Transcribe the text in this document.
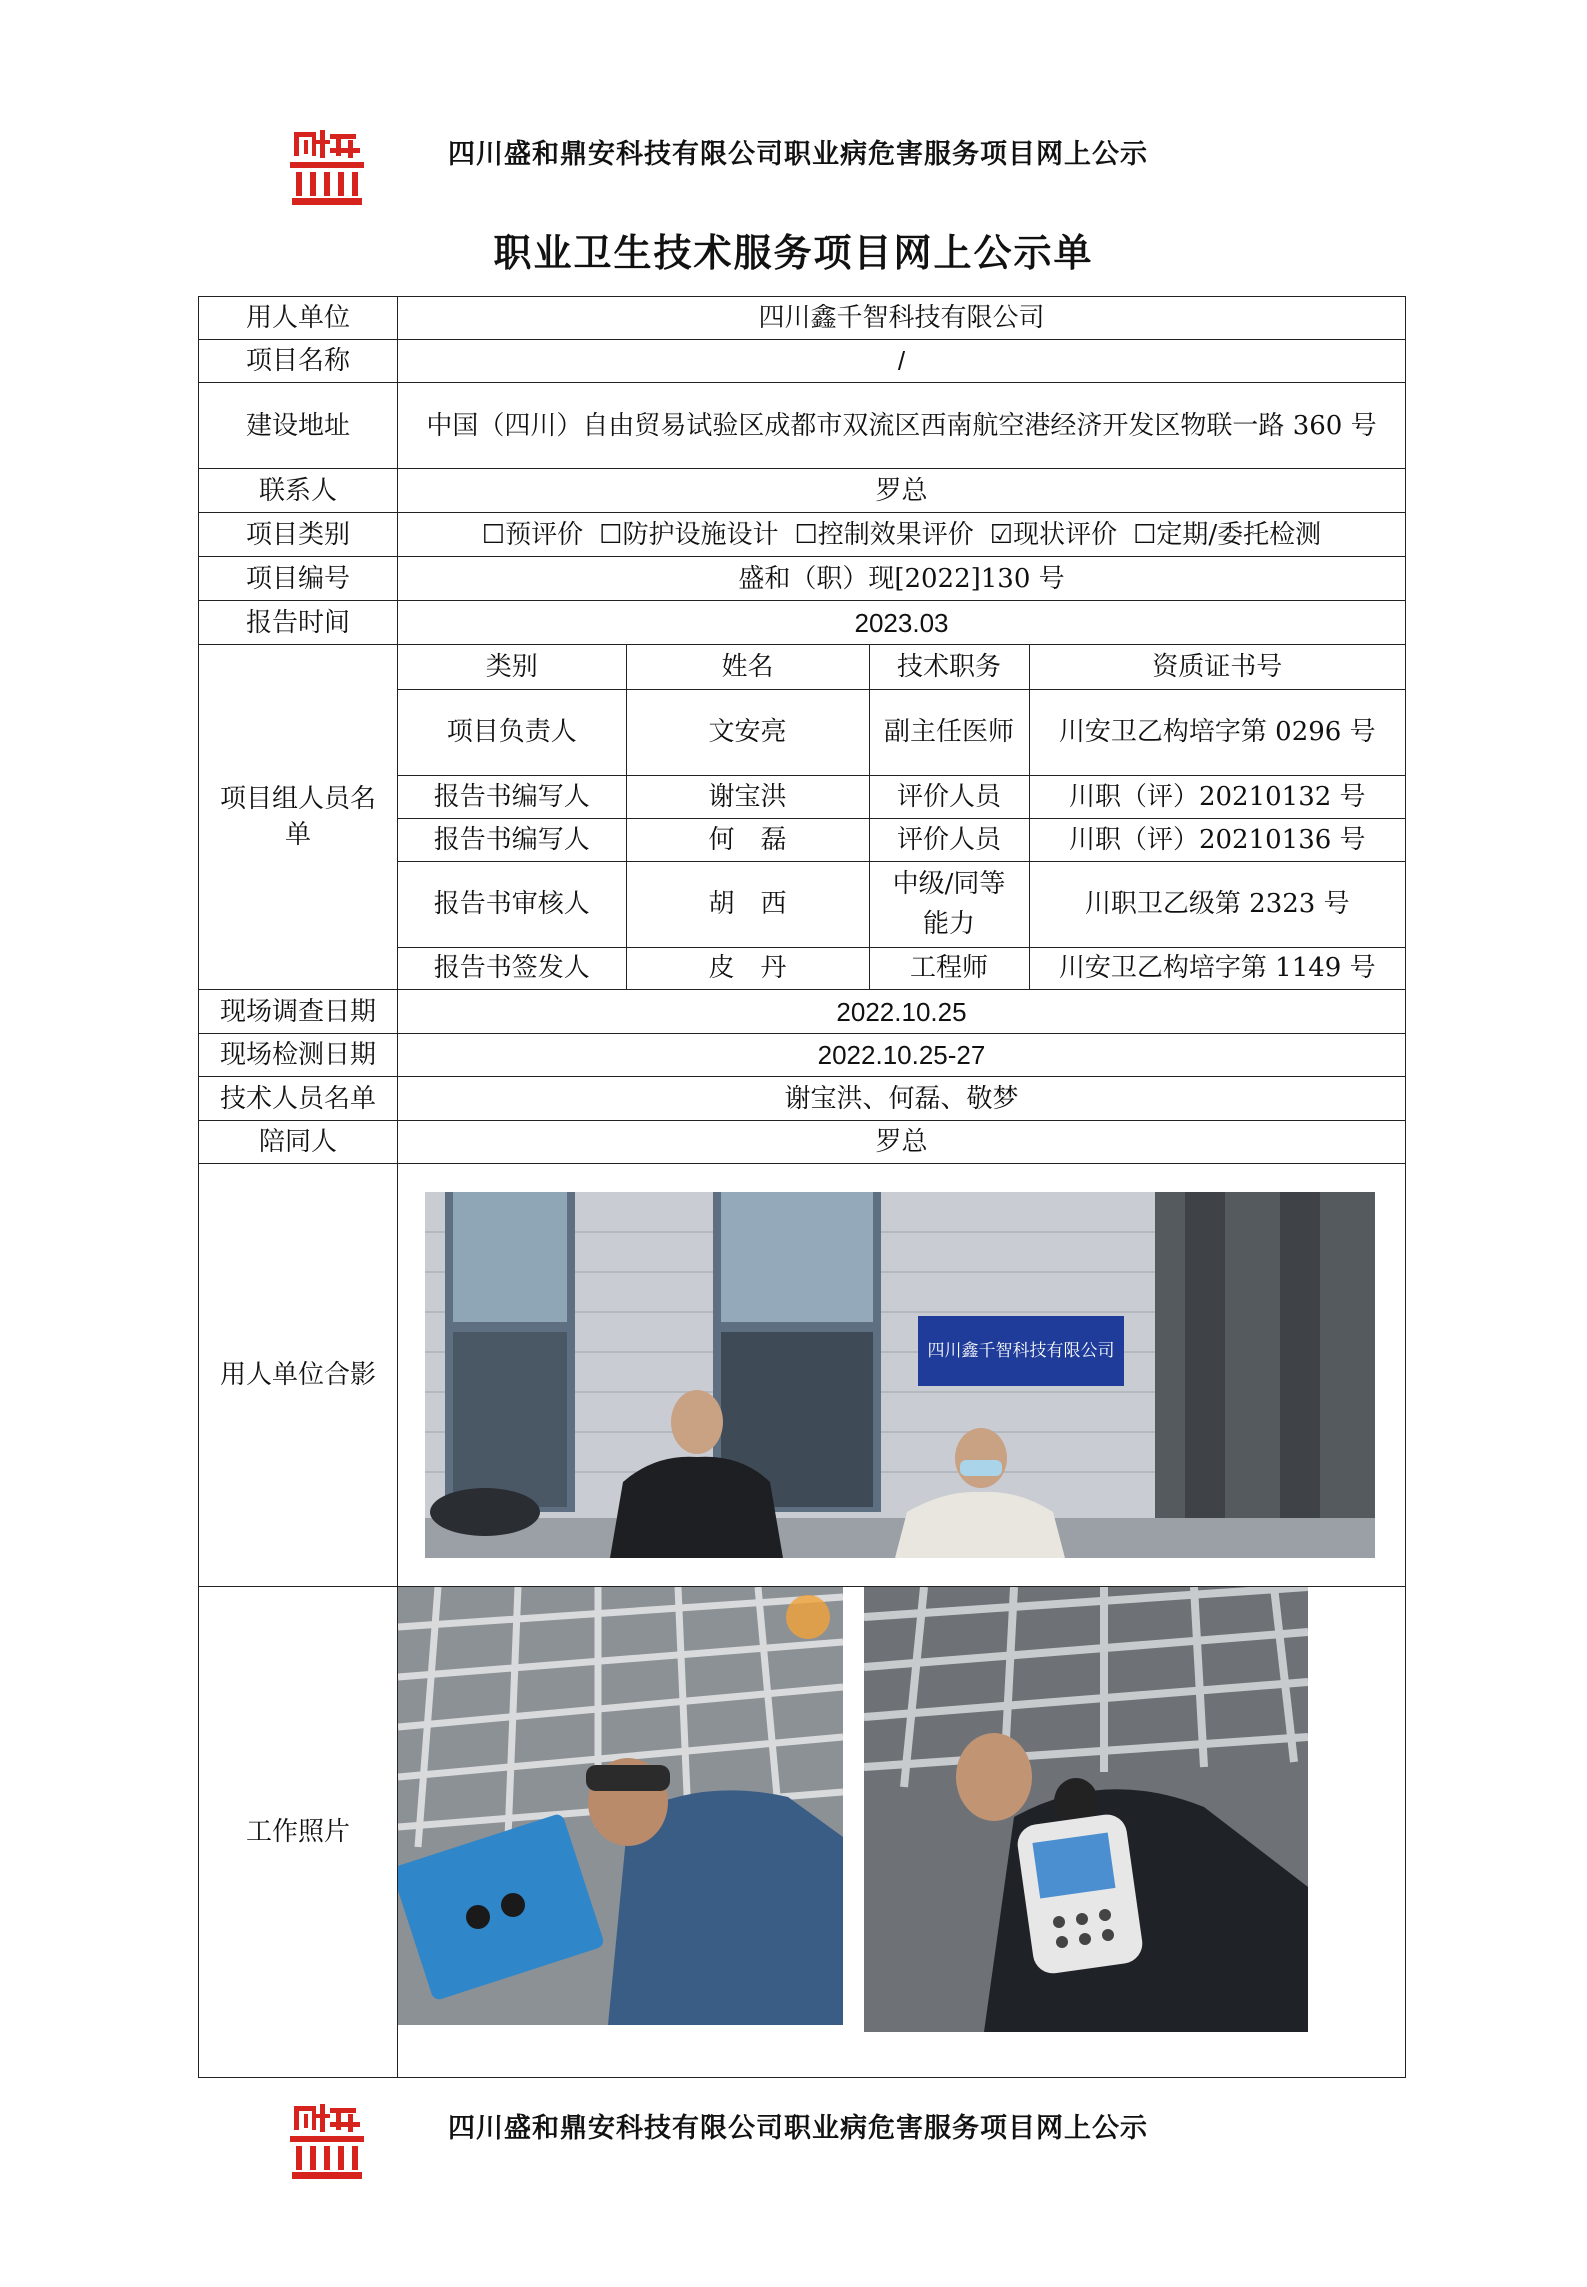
四川盛和鼎安科技有限公司职业病危害服务项目网上公示
职业卫生技术服务项目网上公示单
用人单位	四川鑫千智科技有限公司
项目名称	/
建设地址	中国（四川）自由贸易试验区成都市双流区西南航空港经济开发区物联一路 360 号
联系人	罗总
项目类别	☐预评价 ☐防护设施设计 ☐控制效果评价 ☑现状评价 ☐定期/委托检测
项目编号	盛和（职）现[2022]130 号
报告时间	2023.03
项目组人员名单	
类别	姓名	技术职务	资质证书号
项目负责人	文安亮	副主任医师	川安卫乙构培字第 0296 号
报告书编写人	谢宝洪	评价人员	川职（评）20210132 号
报告书编写人	何　磊	评价人员	川职（评）20210136 号
报告书审核人	胡　西	中级/同等能力	川职卫乙级第 2323 号
报告书签发人	皮　丹	工程师	川安卫乙构培字第 1149 号

现场调查日期	2022.10.25
现场检测日期	2022.10.25-27
技术人员名单	谢宝洪、何磊、敬梦
陪同人	罗总
用人单位合影	
四川鑫千智科技有限公司

工作照片	
四川盛和鼎安科技有限公司职业病危害服务项目网上公示
